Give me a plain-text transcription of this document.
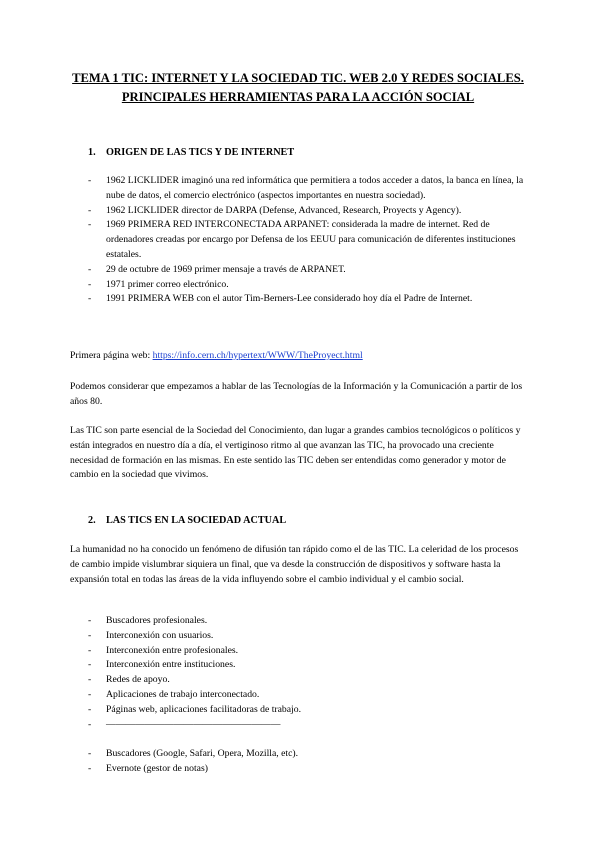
TEMA 1 TIC: INTERNET Y LA SOCIEDAD TIC. WEB 2.0 Y REDES SOCIALES. PRINCIPALES HERRAMIENTAS PARA LA ACCIÓN SOCIAL
1. ORIGEN DE LAS TICS Y DE INTERNET
- 1962 LICKLIDER imaginó una red informática que permitiera a todos acceder a datos, la banca en línea, la nube de datos, el comercio electrónico (aspectos importantes en nuestra sociedad).
- 1962 LICKLIDER director de DARPA (Defense, Advanced, Research, Proyects y Agency).
- 1969 PRIMERA RED INTERCONECTADA ARPANET: considerada la madre de internet. Red de ordenadores creadas por encargo por Defensa de los EEUU para comunicación de diferentes instituciones estatales.
- 29 de octubre de 1969 primer mensaje a través de ARPANET.
- 1971 primer correo electrónico.
- 1991 PRIMERA WEB con el autor Tim-Berners-Lee considerado hoy día el Padre de Internet.

Primera página web: https://info.cern.ch/hypertext/WWW/TheProyect.html

Podemos considerar que empezamos a hablar de las Tecnologías de la Información y la Comunicación a partir de los años 80.

Las TIC son parte esencial de la Sociedad del Conocimiento, dan lugar a grandes cambios tecnológicos o políticos y están integrados en nuestro día a día, el vertiginoso ritmo al que avanzan las TIC, ha provocado una creciente necesidad de formación en las mismas. En este sentido las TIC deben ser entendidas como generador y motor de cambio en la sociedad que vivimos.

2. LAS TICS EN LA SOCIEDAD ACTUAL

La humanidad no ha conocido un fenómeno de difusión tan rápido como el de las TIC. La celeridad de los procesos de cambio impide vislumbrar siquiera un final, que va desde la construcción de dispositivos y software hasta la expansión total en todas las áreas de la vida influyendo sobre el cambio individual y el cambio social.

- Buscadores profesionales.
- Interconexión con usuarios.
- Interconexión entre profesionales.
- Interconexión entre instituciones.
- Redes de apoyo.
- Aplicaciones de trabajo interconectado.
- Páginas web, aplicaciones facilitadoras de trabajo.
- ——————————————————
- Buscadores (Google, Safari, Opera, Mozilla, etc).
- Evernote (gestor de notas)
